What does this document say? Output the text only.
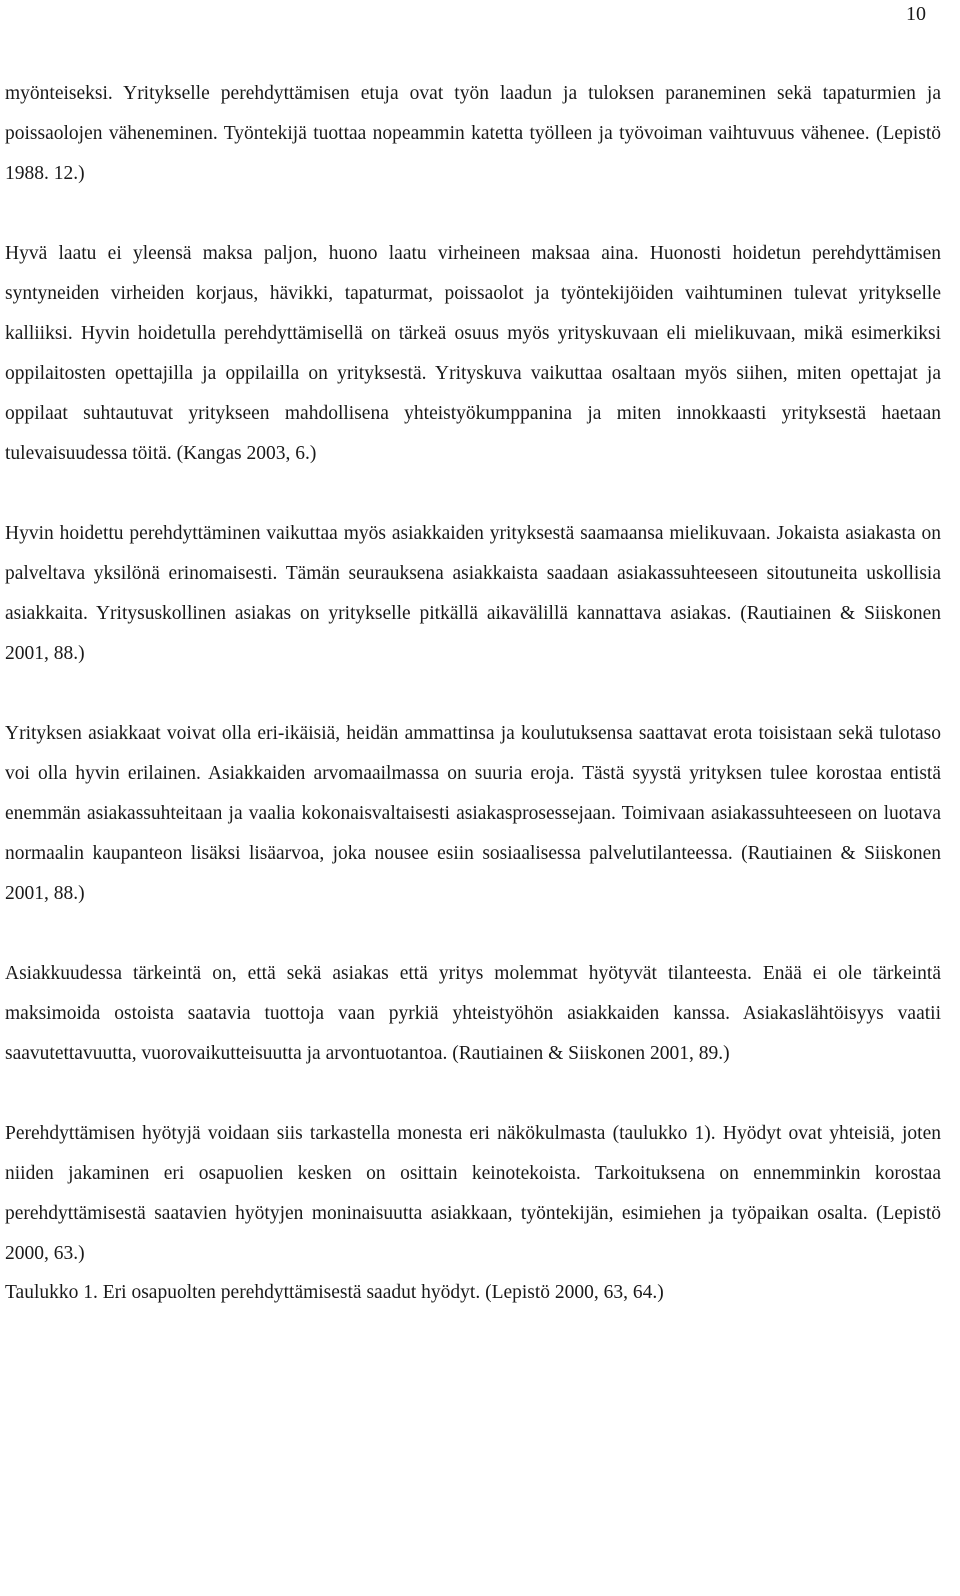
10

myönteiseksi. Yritykselle perehdyttämisen etuja ovat työn laadun ja tuloksen paraneminen sekä tapaturmien ja poissaolojen väheneminen. Työntekijä tuottaa nopeammin katetta työlleen ja työvoiman vaihtuvuus vähenee. (Lepistö 1988. 12.)

Hyvä laatu ei yleensä maksa paljon, huono laatu virheineen maksaa aina. Huonosti hoidetun perehdyttämisen syntyneiden virheiden korjaus, hävikki, tapaturmat, poissaolot ja työntekijöiden vaihtuminen tulevat yritykselle kalliiksi. Hyvin hoidetulla perehdyttämisellä on tärkeä osuus myös yrityskuvaan eli mielikuvaan, mikä esimerkiksi oppilaitosten opettajilla ja oppilailla on yrityksestä. Yrityskuva vaikuttaa osaltaan myös siihen, miten opettajat ja oppilaat suhtautuvat yritykseen mahdollisena yhteistyökumppanina ja miten innokkaasti yrityksestä haetaan tulevaisuudessa töitä. (Kangas 2003, 6.)

Hyvin hoidettu perehdyttäminen vaikuttaa myös asiakkaiden yrityksestä saamaansa mielikuvaan. Jokaista asiakasta on palveltava yksilönä erinomaisesti. Tämän seurauksena asiakkaista saadaan asiakassuhteeseen sitoutuneita uskollisia asiakkaita. Yritysuskollinen asiakas on yritykselle pitkällä aikavälillä kannattava asiakas. (Rautiainen & Siiskonen 2001, 88.)

Yrityksen asiakkaat voivat olla eri-ikäisiä, heidän ammattinsa ja koulutuksensa saattavat erota toisistaan sekä tulotaso voi olla hyvin erilainen. Asiakkaiden arvomaailmassa on suuria eroja. Tästä syystä yrityksen tulee korostaa entistä enemmän asiakassuhteitaan ja vaalia kokonaisvaltaisesti asiakasprosessejaan. Toimivaan asiakassuhteeseen on luotava normaalin kaupanteon lisäksi lisäarvoa, joka nousee esiin sosiaalisessa palvelutilanteessa. (Rautiainen & Siiskonen 2001, 88.)

Asiakkuudessa tärkeintä on, että sekä asiakas että yritys molemmat hyötyvät tilanteesta. Enää ei ole tärkeintä maksimoida ostoista saatavia tuottoja vaan pyrkiä yhteistyöhön asiakkaiden kanssa. Asiakaslähtöisyys vaatii saavutettavuutta, vuorovaikutteisuutta ja arvontuotantoa. (Rautiainen & Siiskonen 2001, 89.)

Perehdyttämisen hyötyjä voidaan siis tarkastella monesta eri näkökulmasta (taulukko 1). Hyödyt ovat yhteisiä, joten niiden jakaminen eri osapuolien kesken on osittain keinotekoista. Tarkoituksena on ennemminkin korostaa perehdyttämisestä saatavien hyötyjen moninaisuutta asiakkaan, työntekijän, esimiehen ja työpaikan osalta. (Lepistö 2000, 63.)

Taulukko 1. Eri osapuolten perehdyttämisestä saadut hyödyt. (Lepistö 2000, 63, 64.)
